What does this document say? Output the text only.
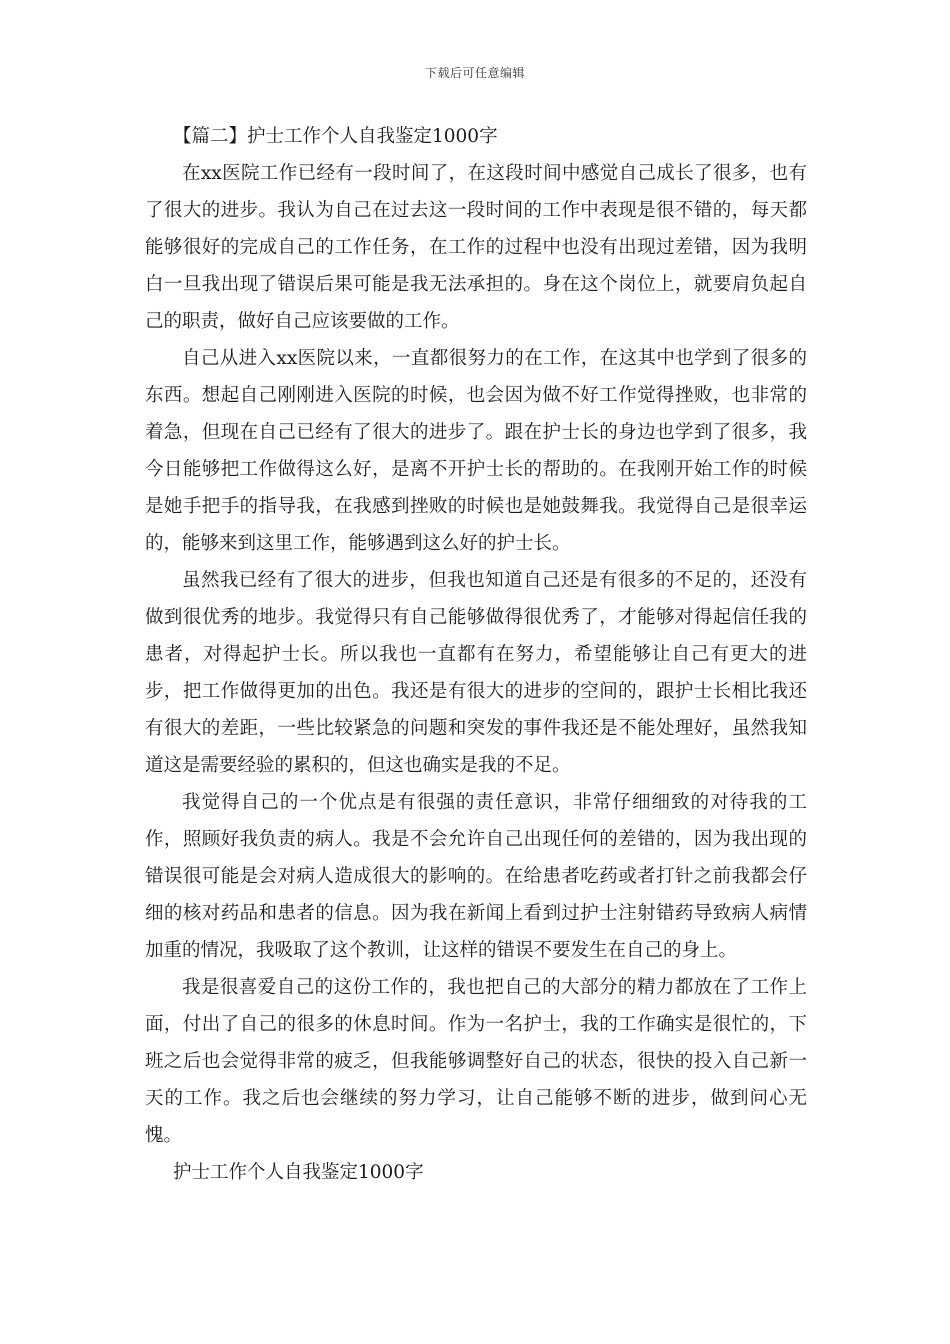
下载后可任意编辑

【篇二】护士工作个人自我鉴定1000字

在xx医院工作已经有一段时间了，在这段时间中感觉自己成长了很多，也有了很大的进步。我认为自己在过去这一段时间的工作中表现是很不错的，每天都能够很好的完成自己的工作任务，在工作的过程中也没有出现过差错，因为我明白一旦我出现了错误后果可能是我无法承担的。身在这个岗位上，就要肩负起自己的职责，做好自己应该要做的工作。

自己从进入xx医院以来，一直都很努力的在工作，在这其中也学到了很多的东西。想起自己刚刚进入医院的时候，也会因为做不好工作觉得挫败，也非常的着急，但现在自己已经有了很大的进步了。跟在护士长的身边也学到了很多，我今日能够把工作做得这么好，是离不开护士长的帮助的。在我刚开始工作的时候是她手把手的指导我，在我感到挫败的时候也是她鼓舞我。我觉得自己是很幸运的，能够来到这里工作，能够遇到这么好的护士长。

虽然我已经有了很大的进步，但我也知道自己还是有很多的不足的，还没有做到很优秀的地步。我觉得只有自己能够做得很优秀了，才能够对得起信任我的患者，对得起护士长。所以我也一直都有在努力，希望能够让自己有更大的进步，把工作做得更加的出色。我还是有很大的进步的空间的，跟护士长相比我还有很大的差距，一些比较紧急的问题和突发的事件我还是不能处理好，虽然我知道这是需要经验的累积的，但这也确实是我的不足。

我觉得自己的一个优点是有很强的责任意识，非常仔细细致的对待我的工作，照顾好我负责的病人。我是不会允许自己出现任何的差错的，因为我出现的错误很可能是会对病人造成很大的影响的。在给患者吃药或者打针之前我都会仔细的核对药品和患者的信息。因为我在新闻上看到过护士注射错药导致病人病情加重的情况，我吸取了这个教训，让这样的错误不要发生在自己的身上。

我是很喜爱自己的这份工作的，我也把自己的大部分的精力都放在了工作上面，付出了自己的很多的休息时间。作为一名护士，我的工作确实是很忙的，下班之后也会觉得非常的疲乏，但我能够调整好自己的状态，很快的投入自己新一天的工作。我之后也会继续的努力学习，让自己能够不断的进步，做到问心无愧。

护士工作个人自我鉴定1000字
